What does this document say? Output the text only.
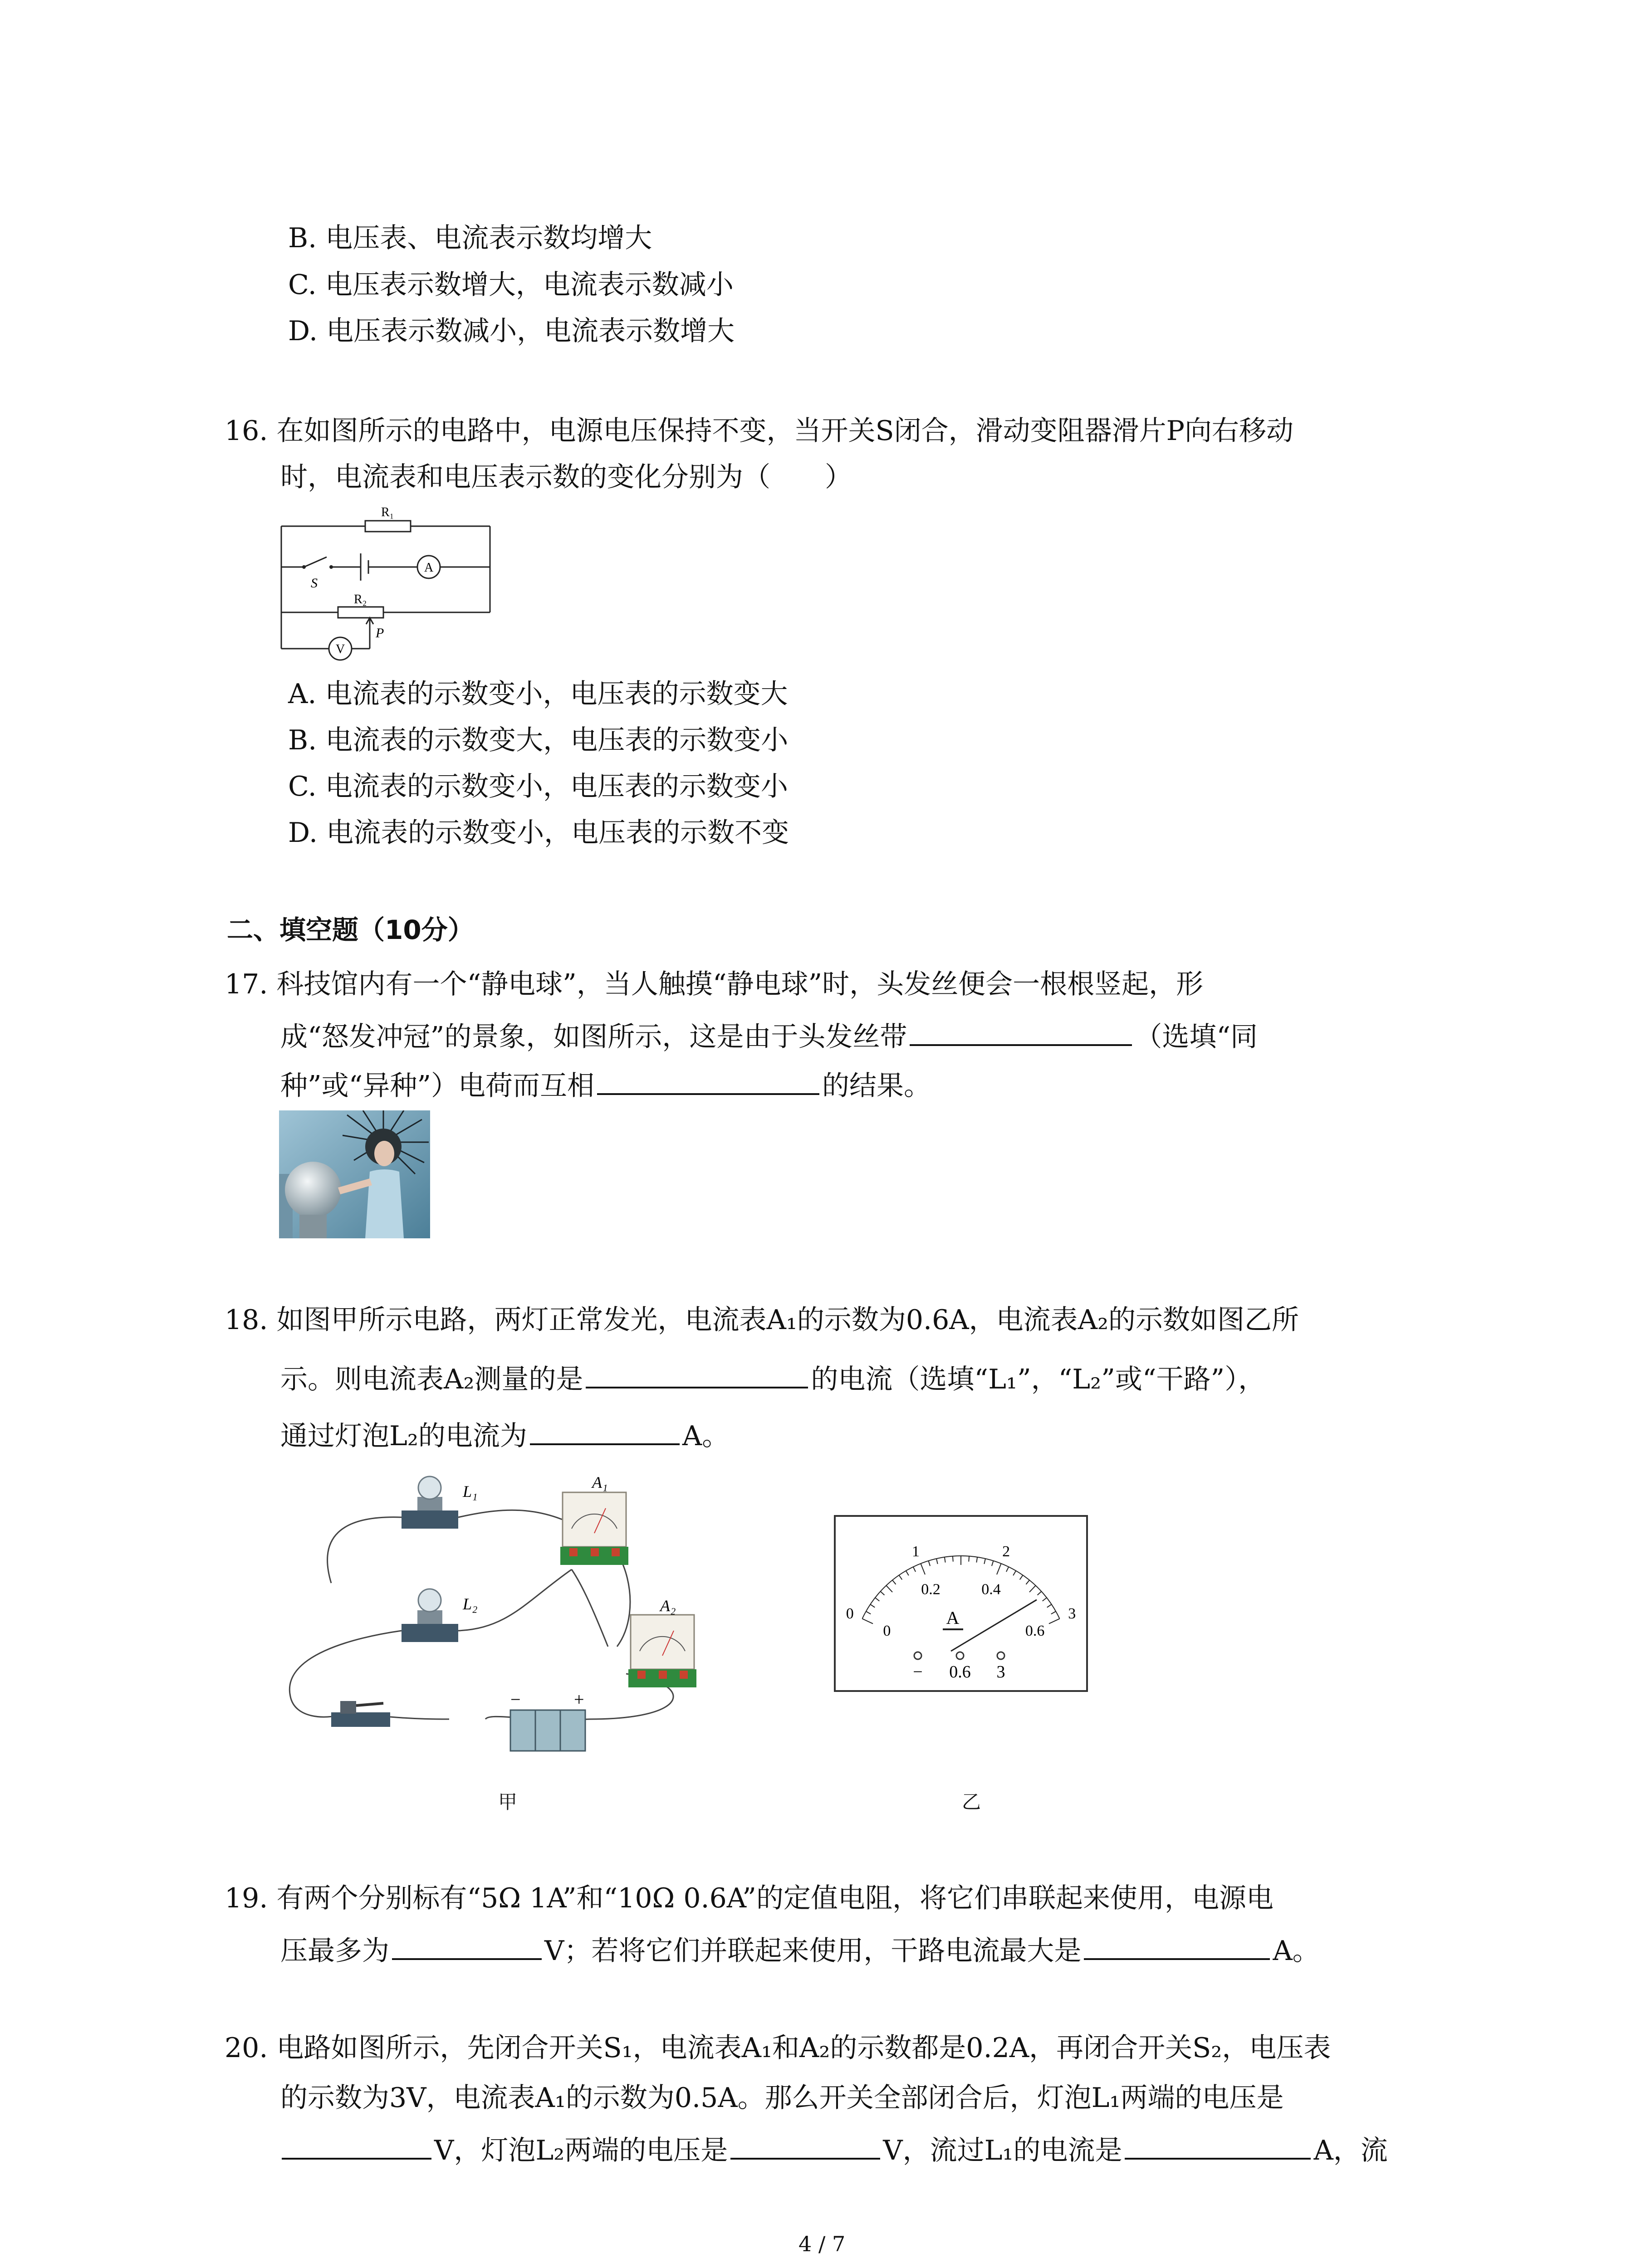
B. 电压表、电流表示数均增大
C. 电压表示数增大，电流表示数减小
D. 电压表示数减小，电流表示数增大
16. 在如图所示的电路中，电源电压保持不变，当开关S闭合，滑动变阻器滑片P向右移动
时，电流表和电压表示数的变化分别为（　　）
R₁
R₂
S
P
A
V
A. 电流表的示数变小，电压表的示数变大
B. 电流表的示数变大，电压表的示数变小
C. 电流表的示数变小，电压表的示数变小
D. 电流表的示数变小，电压表的示数不变
二、填空题（10分）
17. 科技馆内有一个“静电球”，当人触摸“静电球”时，头发丝便会一根根竖起，形
成“怒发冲冠”的景象，如图所示，这是由于头发丝带	（选填“同
种”或“异种”）电荷而互相	的结果。
18. 如图甲所示电路，两灯正常发光，电流表A₁的示数为0.6A，电流表A₂的示数如图乙所
示。则电流表A₂测量的是	的电流（选填“L₁”，“L₂”或“干路”），
通过灯泡L₂的电流为	A。
L₁
L₂
A₁
A₂
−	+
0
1	2
3
0
0.2	0.4
0.6
A
− 0.6 3
甲	乙
19. 有两个分别标有“5Ω 1A”和“10Ω 0.6A”的定值电阻，将它们串联起来使用，电源电
压最多为	V；若将它们并联起来使用，干路电流最大是	A。
20. 电路如图所示，先闭合开关S₁，电流表A₁和A₂的示数都是0.2A，再闭合开关S₂，电压表
的示数为3V，电流表A₁的示数为0.5A。那么开关全部闭合后，灯泡L₁两端的电压是
V，灯泡L₂两端的电压是	V，流过L₁的电流是	A，流
4 / 7
